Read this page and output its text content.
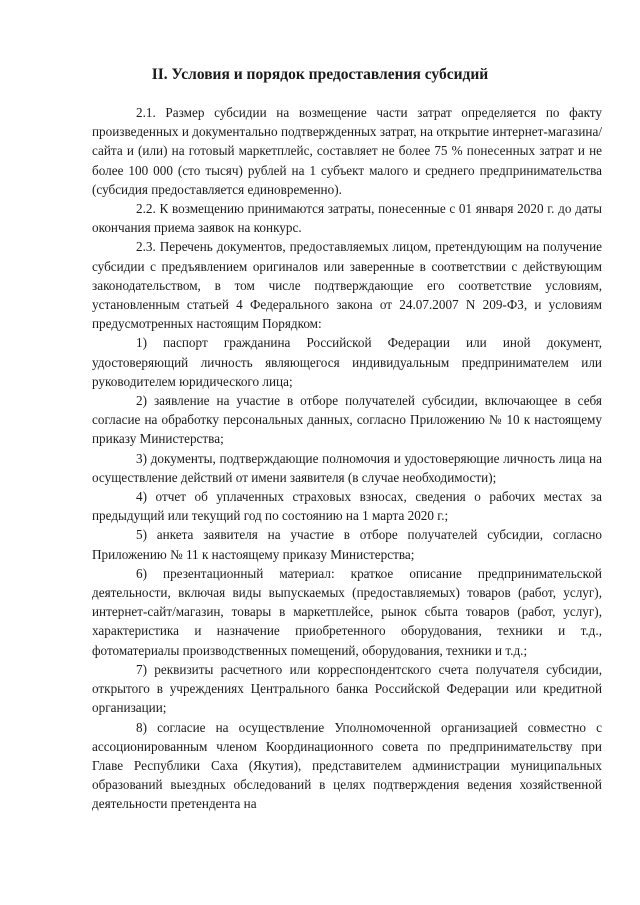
II. Условия и порядок предоставления субсидий

2.1. Размер субсидии на возмещение части затрат определяется по факту произведенных и документально подтвержденных затрат, на открытие интернет-магазина/сайта и (или) на готовый маркетплейс, составляет не более 75 % понесенных затрат и не более 100 000 (сто тысяч) рублей на 1 субъект малого и среднего предпринимательства (субсидия предоставляется единовременно).

2.2. К возмещению принимаются затраты, понесенные с 01 января 2020 г. до даты окончания приема заявок на конкурс.

2.3. Перечень документов, предоставляемых лицом, претендующим на получение субсидии с предъявлением оригиналов или заверенные в соответствии с действующим законодательством, в том числе подтверждающие его соответствие условиям, установленным статьей 4 Федерального закона от 24.07.2007 N 209-ФЗ, и условиям предусмотренных настоящим Порядком:

1) паспорт гражданина Российской Федерации или иной документ, удостоверяющий личность являющегося индивидуальным предпринимателем или руководителем юридического лица;

2) заявление на участие в отборе получателей субсидии, включающее в себя согласие на обработку персональных данных, согласно Приложению № 10 к настоящему приказу Министерства;

3) документы, подтверждающие полномочия и удостоверяющие личность лица на осуществление действий от имени заявителя (в случае необходимости);

4) отчет об уплаченных страховых взносах, сведения о рабочих местах за предыдущий или текущий год по состоянию на 1 марта 2020 г.;

5) анкета заявителя на участие в отборе получателей субсидии, согласно Приложению № 11 к настоящему приказу Министерства;

6) презентационный материал: краткое описание предпринимательской деятельности, включая виды выпускаемых (предоставляемых) товаров (работ, услуг), интернет-сайт/магазин, товары в маркетплейсе, рынок сбыта товаров (работ, услуг), характеристика и назначение приобретенного оборудования, техники и т.д., фотоматериалы производственных помещений, оборудования, техники и т.д.;

7) реквизиты расчетного или корреспондентского счета получателя субсидии, открытого в учреждениях Центрального банка Российской Федерации или кредитной организации;

8) согласие на осуществление Уполномоченной организацией совместно с ассоционированным членом Координационного совета по предпринимательству при Главе Республики Саха (Якутия), представителем администрации муниципальных образований выездных обследований в целях подтверждения ведения хозяйственной деятельности претендента на
